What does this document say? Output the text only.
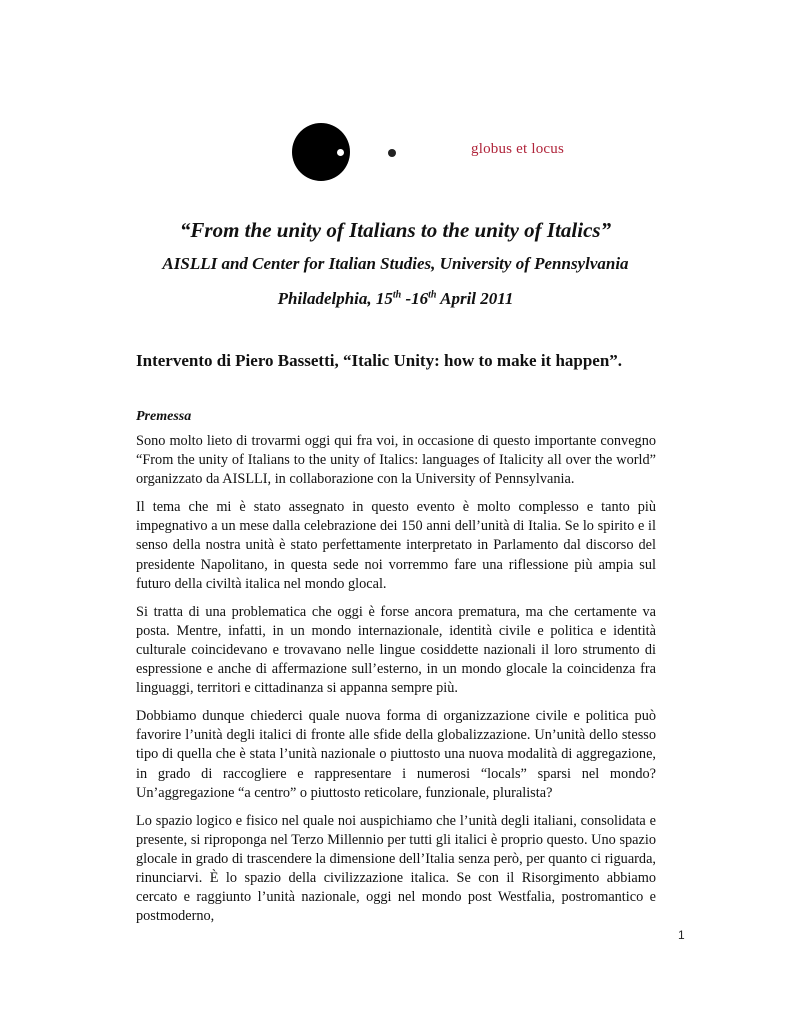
globus et locus
“From the unity of Italians to the unity of Italics”
AISLLI and Center for Italian Studies, University of Pennsylvania
Philadelphia, 15th -16th April 2011
Intervento di Piero Bassetti, “Italic Unity: how to make it happen”.
Premessa

Sono molto lieto di trovarmi oggi qui fra voi, in occasione di questo importante convegno “From the unity of Italians to the unity of Italics: languages of Italicity all over the world” organizzato da AISLLI, in collaborazione con la University of Pennsylvania.

Il tema che mi è stato assegnato in questo evento è molto complesso e tanto più impegnativo a un mese dalla celebrazione dei 150 anni dell’unità di Italia. Se lo spirito e il senso della nostra unità è stato perfettamente interpretato in Parlamento dal discorso del presidente Napolitano, in questa sede noi vorremmo fare una riflessione più ampia sul futuro della civiltà italica nel mondo glocal.

Si tratta di una problematica che oggi è forse ancora prematura, ma che certamente va posta. Mentre, infatti, in un mondo internazionale, identità civile e politica e identità culturale coincidevano e trovavano nelle lingue cosiddette nazionali il loro strumento di espressione e anche di affermazione sull’esterno, in un mondo glocale la coincidenza fra linguaggi, territori e cittadinanza si appanna sempre più.

Dobbiamo dunque chiederci quale nuova forma di organizzazione civile e politica può favorire l’unità degli italici di fronte alle sfide della globalizzazione. Un’unità dello stesso tipo di quella che è stata l’unità nazionale o piuttosto una nuova modalità di aggregazione, in grado di raccogliere e rappresentare i numerosi “locals” sparsi nel mondo? Un’aggregazione “a centro” o piuttosto reticolare, funzionale, pluralista?

Lo spazio logico e fisico nel quale noi auspichiamo che l’unità degli italiani, consolidata e presente, si riproponga nel Terzo Millennio per tutti gli italici è proprio questo. Uno spazio glocale in grado di trascendere la dimensione dell’Italia senza però, per quanto ci riguarda, rinunciarvi. È lo spazio della civilizzazione italica. Se con il Risorgimento abbiamo cercato e raggiunto l’unità nazionale, oggi nel mondo post Westfalia, postromantico e postmoderno,

1
